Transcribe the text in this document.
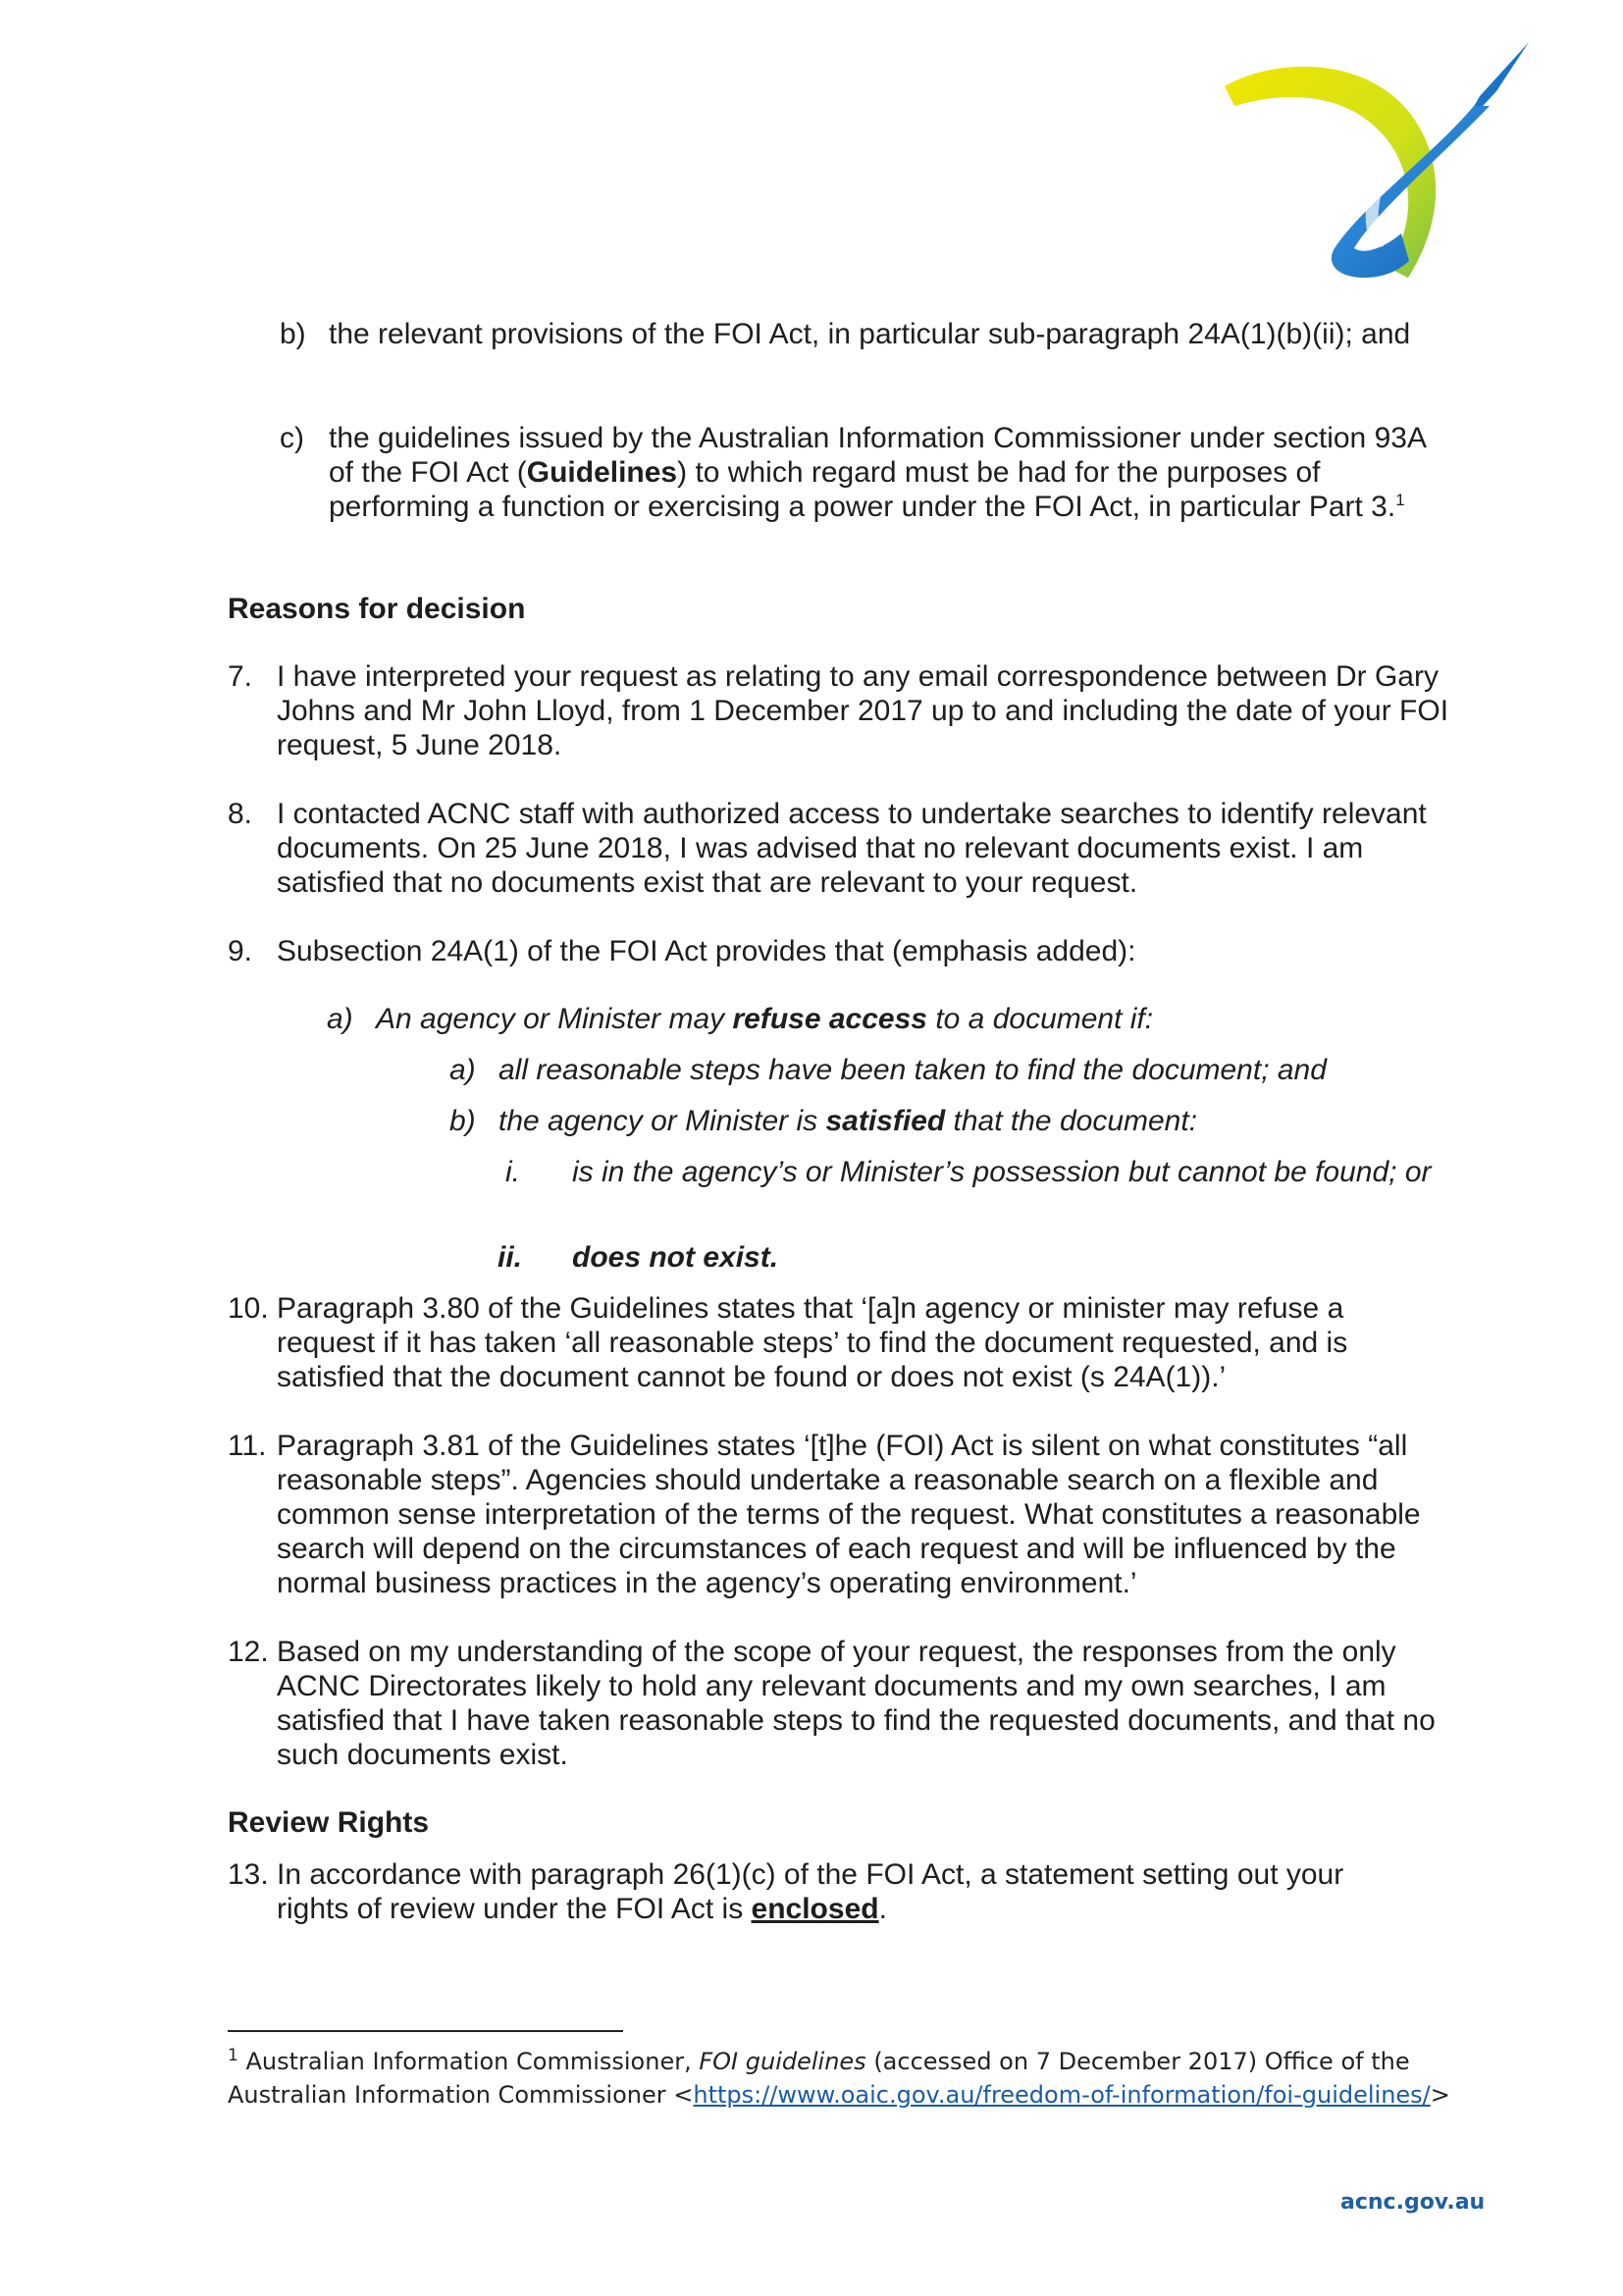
b) the relevant provisions of the FOI Act, in particular sub-paragraph 24A(1)(b)(ii); and
c) the guidelines issued by the Australian Information Commissioner under section 93A of the FOI Act (Guidelines) to which regard must be had for the purposes of performing a function or exercising a power under the FOI Act, in particular Part 3.$^1$
Reasons for decision
7. I have interpreted your request as relating to any email correspondence between Dr Gary Johns and Mr John Lloyd, from 1 December 2017 up to and including the date of your FOI request, 5 June 2018.
8. I contacted ACNC staff with authorized access to undertake searches to identify relevant documents. On 25 June 2018, I was advised that no relevant documents exist. I am satisfied that no documents exist that are relevant to your request.
9. Subsection 24A(1) of the FOI Act provides that (emphasis added):
a) An agency or Minister may refuse access to a document if:
a) all reasonable steps have been taken to find the document; and
b) the agency or Minister is satisfied that the document:
i. is in the agency’s or Minister’s possession but cannot be found; or
ii. does not exist.
10. Paragraph 3.80 of the Guidelines states that ‘[a]n agency or minister may refuse a request if it has taken ‘all reasonable steps’ to find the document requested, and is satisfied that the document cannot be found or does not exist (s 24A(1)).’
11. Paragraph 3.81 of the Guidelines states ‘[t]he (FOI) Act is silent on what constitutes “all reasonable steps”. Agencies should undertake a reasonable search on a flexible and common sense interpretation of the terms of the request. What constitutes a reasonable search will depend on the circumstances of each request and will be influenced by the normal business practices in the agency’s operating environment.’
12. Based on my understanding of the scope of your request, the responses from the only ACNC Directorates likely to hold any relevant documents and my own searches, I am satisfied that I have taken reasonable steps to find the requested documents, and that no such documents exist.
Review Rights
13. In accordance with paragraph 26(1)(c) of the FOI Act, a statement setting out your rights of review under the FOI Act is enclosed.
$^1$ Australian Information Commissioner, FOI guidelines (accessed on 7 December 2017) Office of the Australian Information Commissioner <https://www.oaic.gov.au/freedom-of-information/foi-guidelines/>
acnc.gov.au
